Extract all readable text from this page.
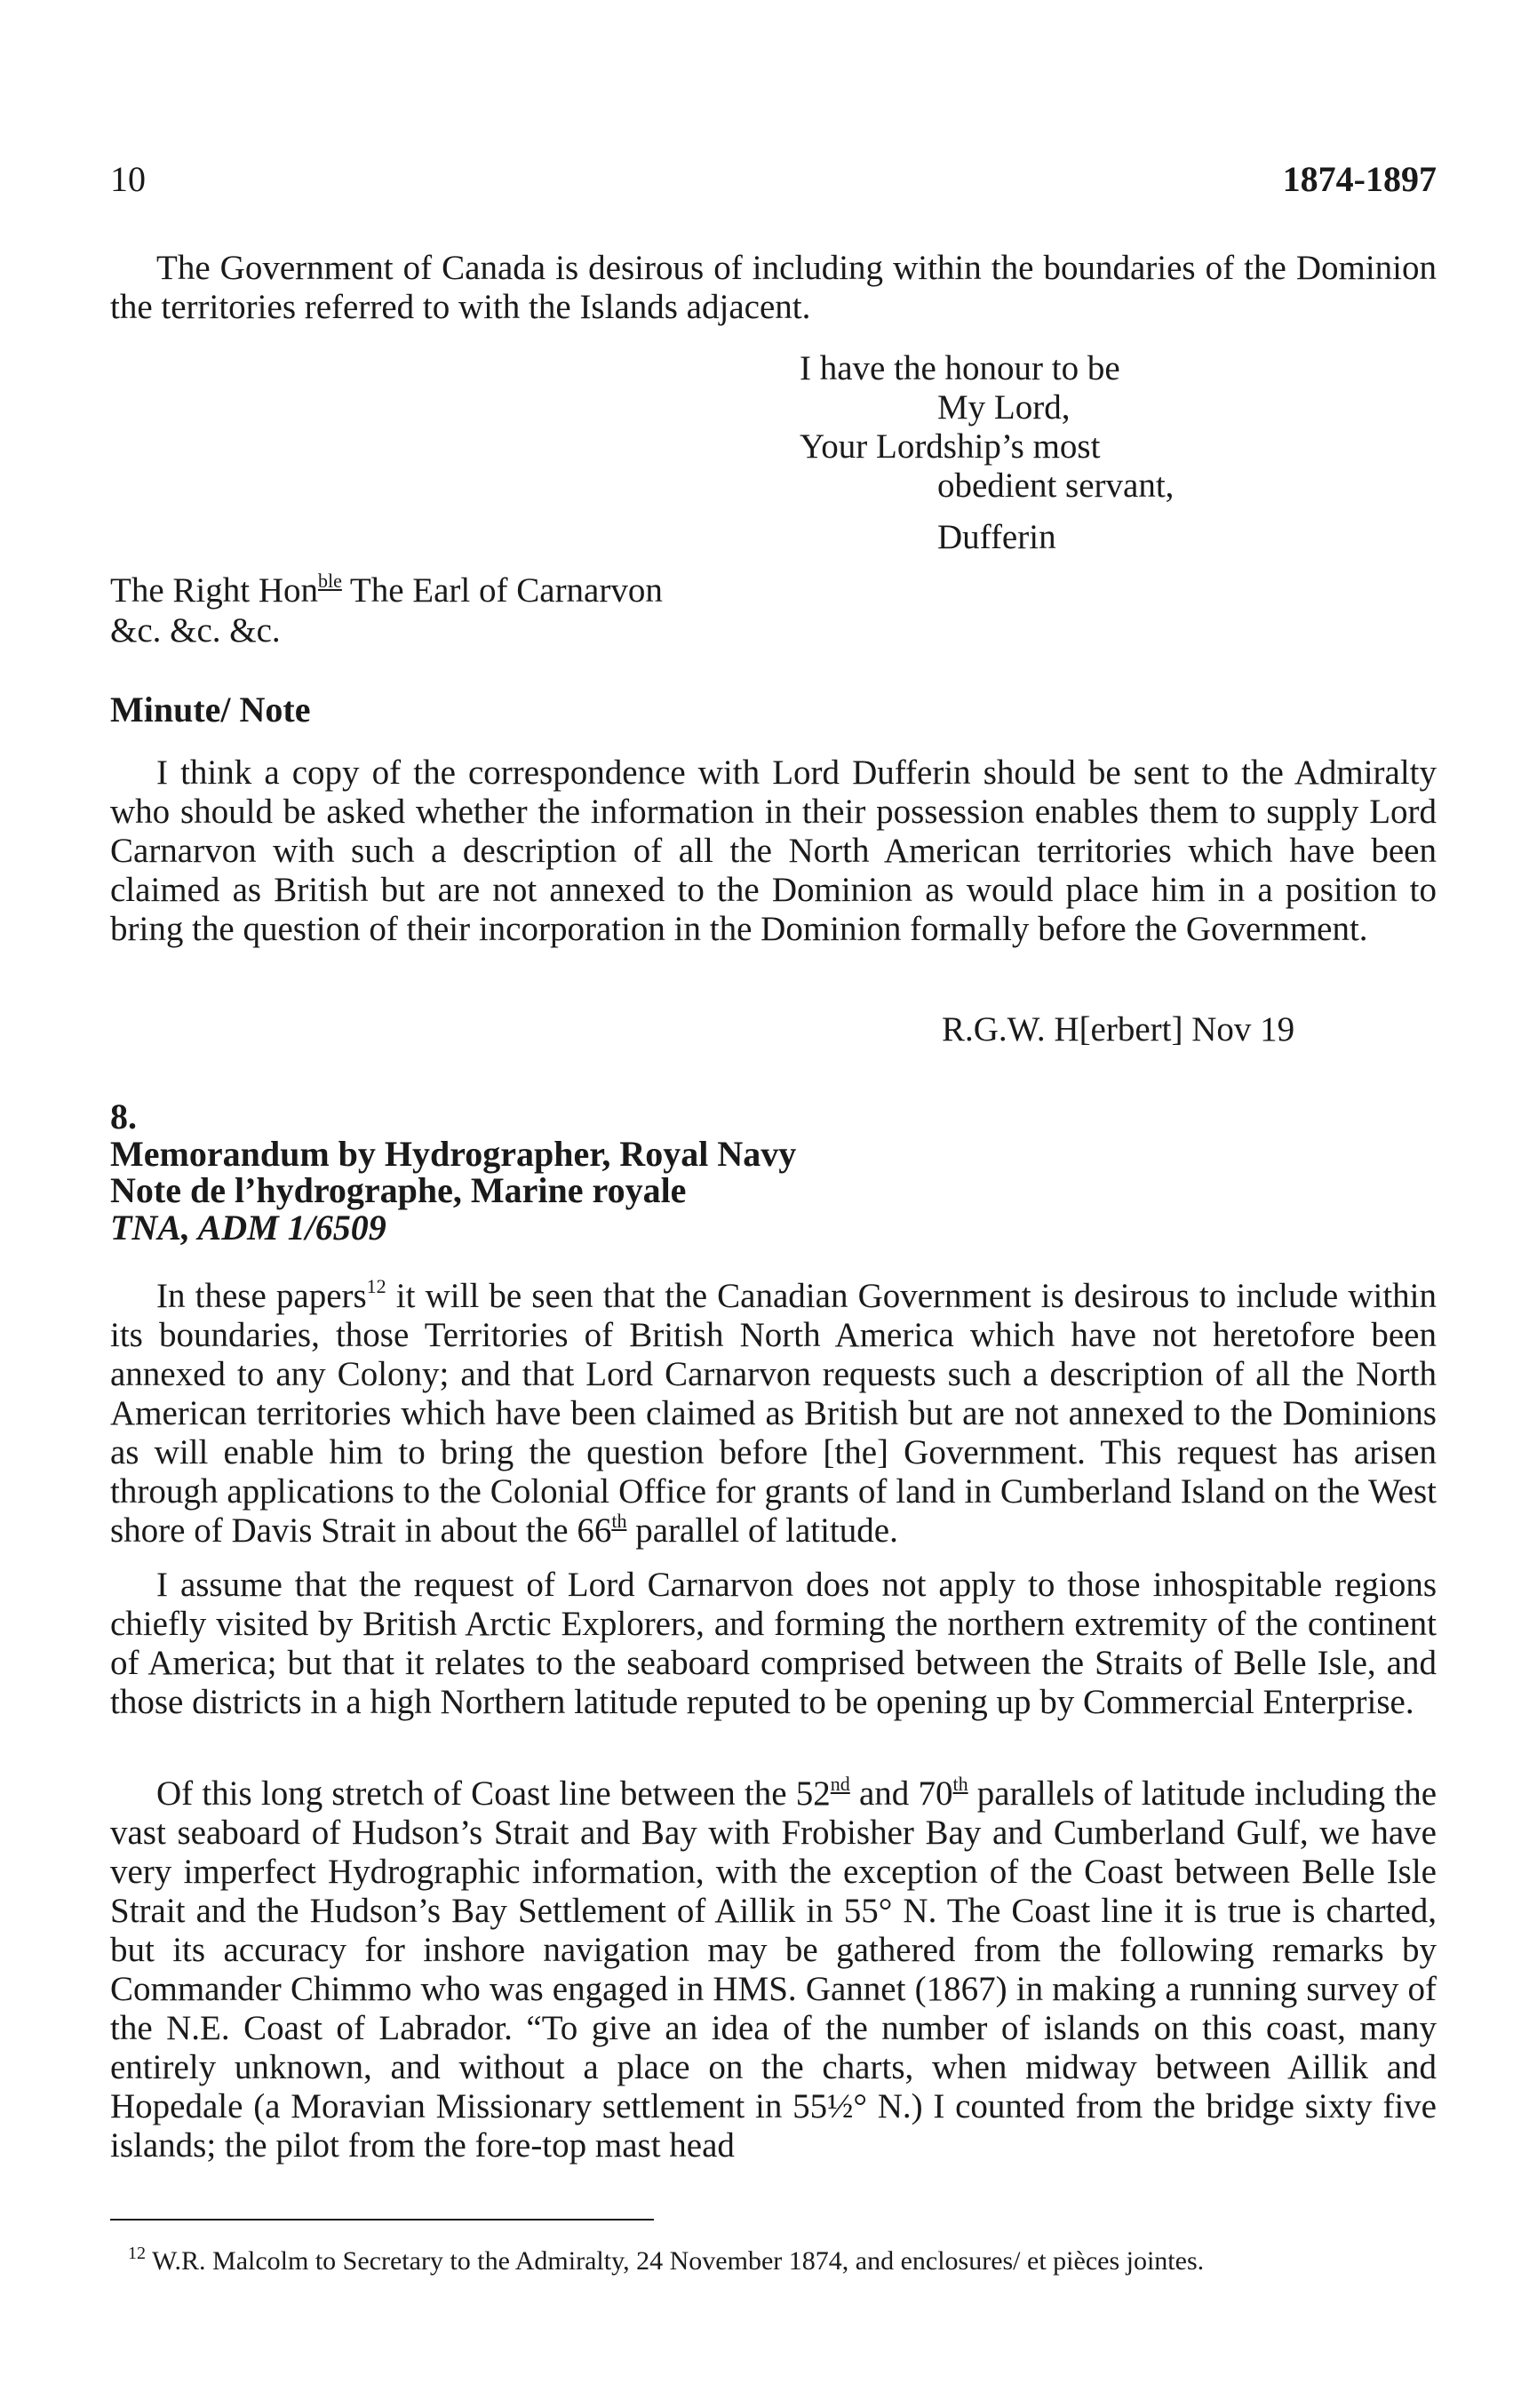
10	1874-1897

The Government of Canada is desirous of including within the boundaries of the Dominion the territories referred to with the Islands adjacent.

I have the honour to be
My Lord,
Your Lordship’s most
obedient servant,
Dufferin
The Right Hon$^{ble}$ The Earl of Carnarvon
&c. &c. &c.
Minute/ Note

I think a copy of the correspondence with Lord Dufferin should be sent to the Admiralty who should be asked whether the information in their possession enables them to supply Lord Carnarvon with such a description of all the North American territories which have been claimed as British but are not annexed to the Dominion as would place him in a position to bring the question of their incorporation in the Dominion formally before the Government.

R.G.W. H[erbert] Nov 19
8.
Memorandum by Hydrographer, Royal Navy
Note de l’hydrographe, Marine royale
TNA, ADM 1/6509

In these papers$^{12}$ it will be seen that the Canadian Government is desirous to include within its boundaries, those Territories of British North America which have not heretofore been annexed to any Colony; and that Lord Carnarvon requests such a description of all the North American territories which have been claimed as British but are not annexed to the Dominions as will enable him to bring the question before [the] Government. This request has arisen through applications to the Colonial Office for grants of land in Cumberland Island on the West shore of Davis Strait in about the 66th parallel of latitude.

I assume that the request of Lord Carnarvon does not apply to those inhospitable regions chiefly visited by British Arctic Explorers, and forming the northern extremity of the continent of America; but that it relates to the seaboard comprised between the Straits of Belle Isle, and those districts in a high Northern latitude reputed to be opening up by Commercial Enterprise.

Of this long stretch of Coast line between the 52nd and 70th parallels of latitude including the vast seaboard of Hudson’s Strait and Bay with Frobisher Bay and Cumberland Gulf, we have very imperfect Hydrographic information, with the exception of the Coast between Belle Isle Strait and the Hudson’s Bay Settlement of Aillik in 55° N. The Coast line it is true is charted, but its accuracy for inshore navigation may be gathered from the following remarks by Commander Chimmo who was engaged in HMS. Gannet (1867) in making a running survey of the N.E. Coast of Labrador. “To give an idea of the number of islands on this coast, many entirely unknown, and without a place on the charts, when midway between Aillik and Hopedale (a Moravian Missionary settlement in 55½° N.) I counted from the bridge sixty five islands; the pilot from the fore-top mast head

$^{12}$ W.R. Malcolm to Secretary to the Admiralty, 24 November 1874, and enclosures/ et pièces jointes.
